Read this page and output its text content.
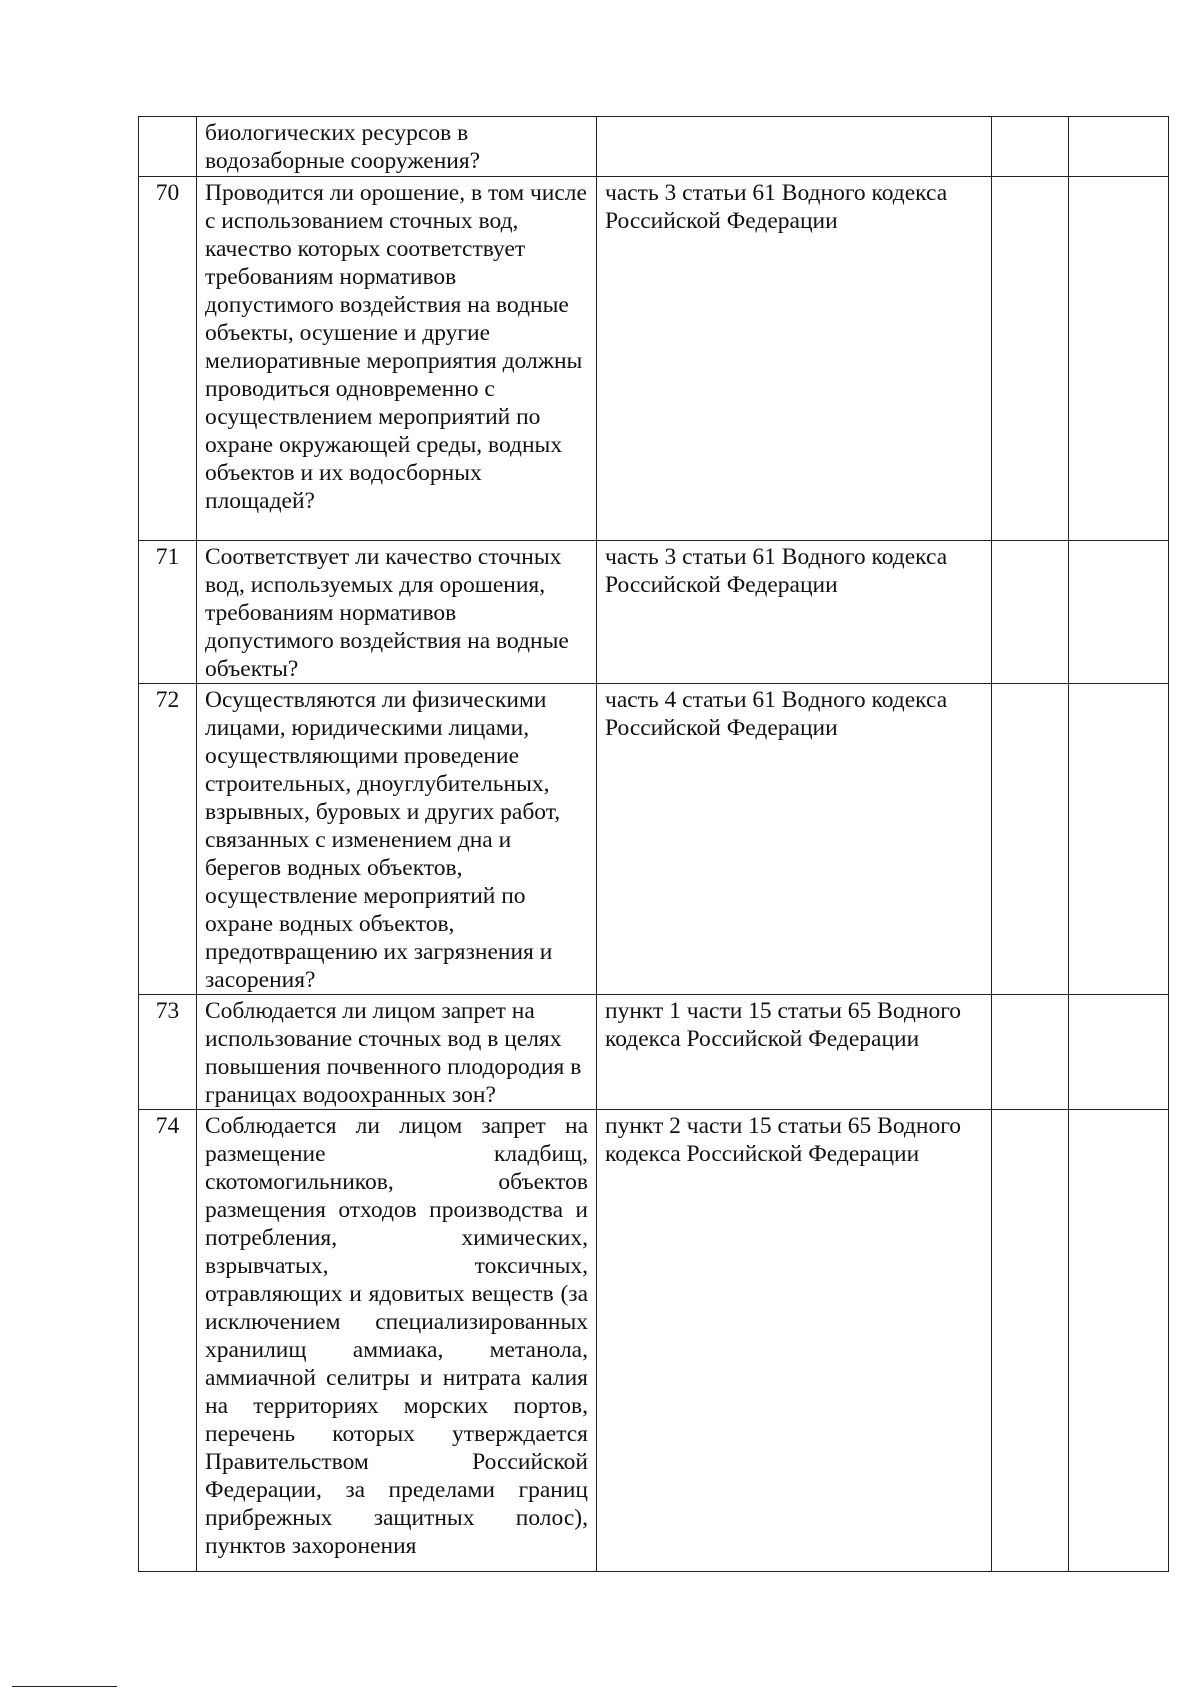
	биологических ресурсов в водозаборные сооружения?			
70	Проводится ли орошение, в том числе с использованием сточных вод, качество которых соответствует требованиям нормативов допустимого воздействия на водные объекты, осушение и другие мелиоративные мероприятия должны проводиться одновременно с осуществлением мероприятий по охране окружающей среды, водных объектов и их водосборных площадей?	часть 3 статьи 61 Водного кодекса Российской Федерации		
71	Соответствует ли качество сточных вод, используемых для орошения, требованиям нормативов допустимого воздействия на водные объекты?	часть 3 статьи 61 Водного кодекса Российской Федерации		
72	Осуществляются ли физическими лицами, юридическими лицами, осуществляющими проведение строительных, дноуглубительных, взрывных, буровых и других работ, связанных с изменением дна и берегов водных объектов, осуществление мероприятий по охране водных объектов, предотвращению их загрязнения и засорения?	часть 4 статьи 61 Водного кодекса Российской Федерации		
73	Соблюдается ли лицом запрет на использование сточных вод в целях повышения почвенного плодородия в границах водоохранных зон?	пункт 1 части 15 статьи 65 Водного кодекса Российской Федерации		
74	Соблюдается ли лицом запрет на размещение кладбищ, скотомогильников, объектов размещения отходов производства и потребления, химических, взрывчатых, токсичных, отравляющих и ядовитых веществ (за исключением специализированных хранилищ аммиака, метанола, аммиачной селитры и нитрата калия на территориях морских портов, перечень которых утверждается Правительством Российской Федерации, за пределами границ прибрежных защитных полос), пунктов захоронения	пункт 2 части 15 статьи 65 Водного кодекса Российской Федерации		
